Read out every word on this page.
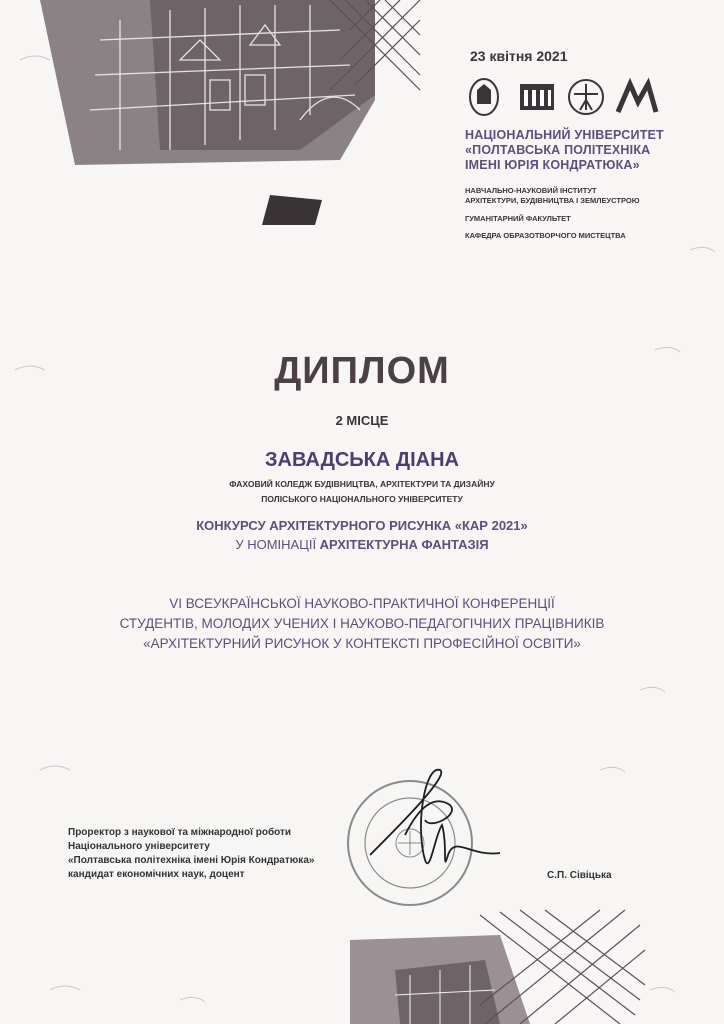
23 квітня 2021
НАЦІОНАЛЬНИЙ УНІВЕРСИТЕТ
«ПОЛТАВСЬКА ПОЛІТЕХНІКА
ІМЕНІ ЮРІЯ КОНДРАТЮКА»
НАВЧАЛЬНО-НАУКОВИЙ ІНСТИТУТ
АРХІТЕКТУРИ, БУДІВНИЦТВА І ЗЕМЛЕУСТРОЮ
ГУМАНІТАРНИЙ ФАКУЛЬТЕТ
КАФЕДРА ОБРАЗОТВОРЧОГО МИСТЕЦТВА
ДИПЛОМ
2 МІСЦЕ
ЗАВАДСЬКА ДІАНА
ФАХОВИЙ КОЛЕДЖ БУДІВНИЦТВА, АРХІТЕКТУРИ ТА ДИЗАЙНУ
ПОЛІСЬКОГО НАЦІОНАЛЬНОГО УНІВЕРСИТЕТУ
КОНКУРСУ АРХІТЕКТУРНОГО РИСУНКА «КАР 2021»
У НОМІНАЦІЇ АРХІТЕКТУРНА ФАНТАЗІЯ
VI ВСЕУКРАЇНСЬКОЇ НАУКОВО-ПРАКТИЧНОЇ КОНФЕРЕНЦІЇ
СТУДЕНТІВ, МОЛОДИХ УЧЕНИХ І НАУКОВО-ПЕДАГОГІЧНИХ ПРАЦІВНИКІВ
«АРХІТЕКТУРНИЙ РИСУНОК У КОНТЕКСТІ ПРОФЕСІЙНОЇ ОСВІТИ»
Проректор з наукової та міжнародної роботи
Національного університету
«Полтавська політехніка імені Юрія Кондратюка»
кандидат економічних наук, доцент	С.П. Сівіцька
